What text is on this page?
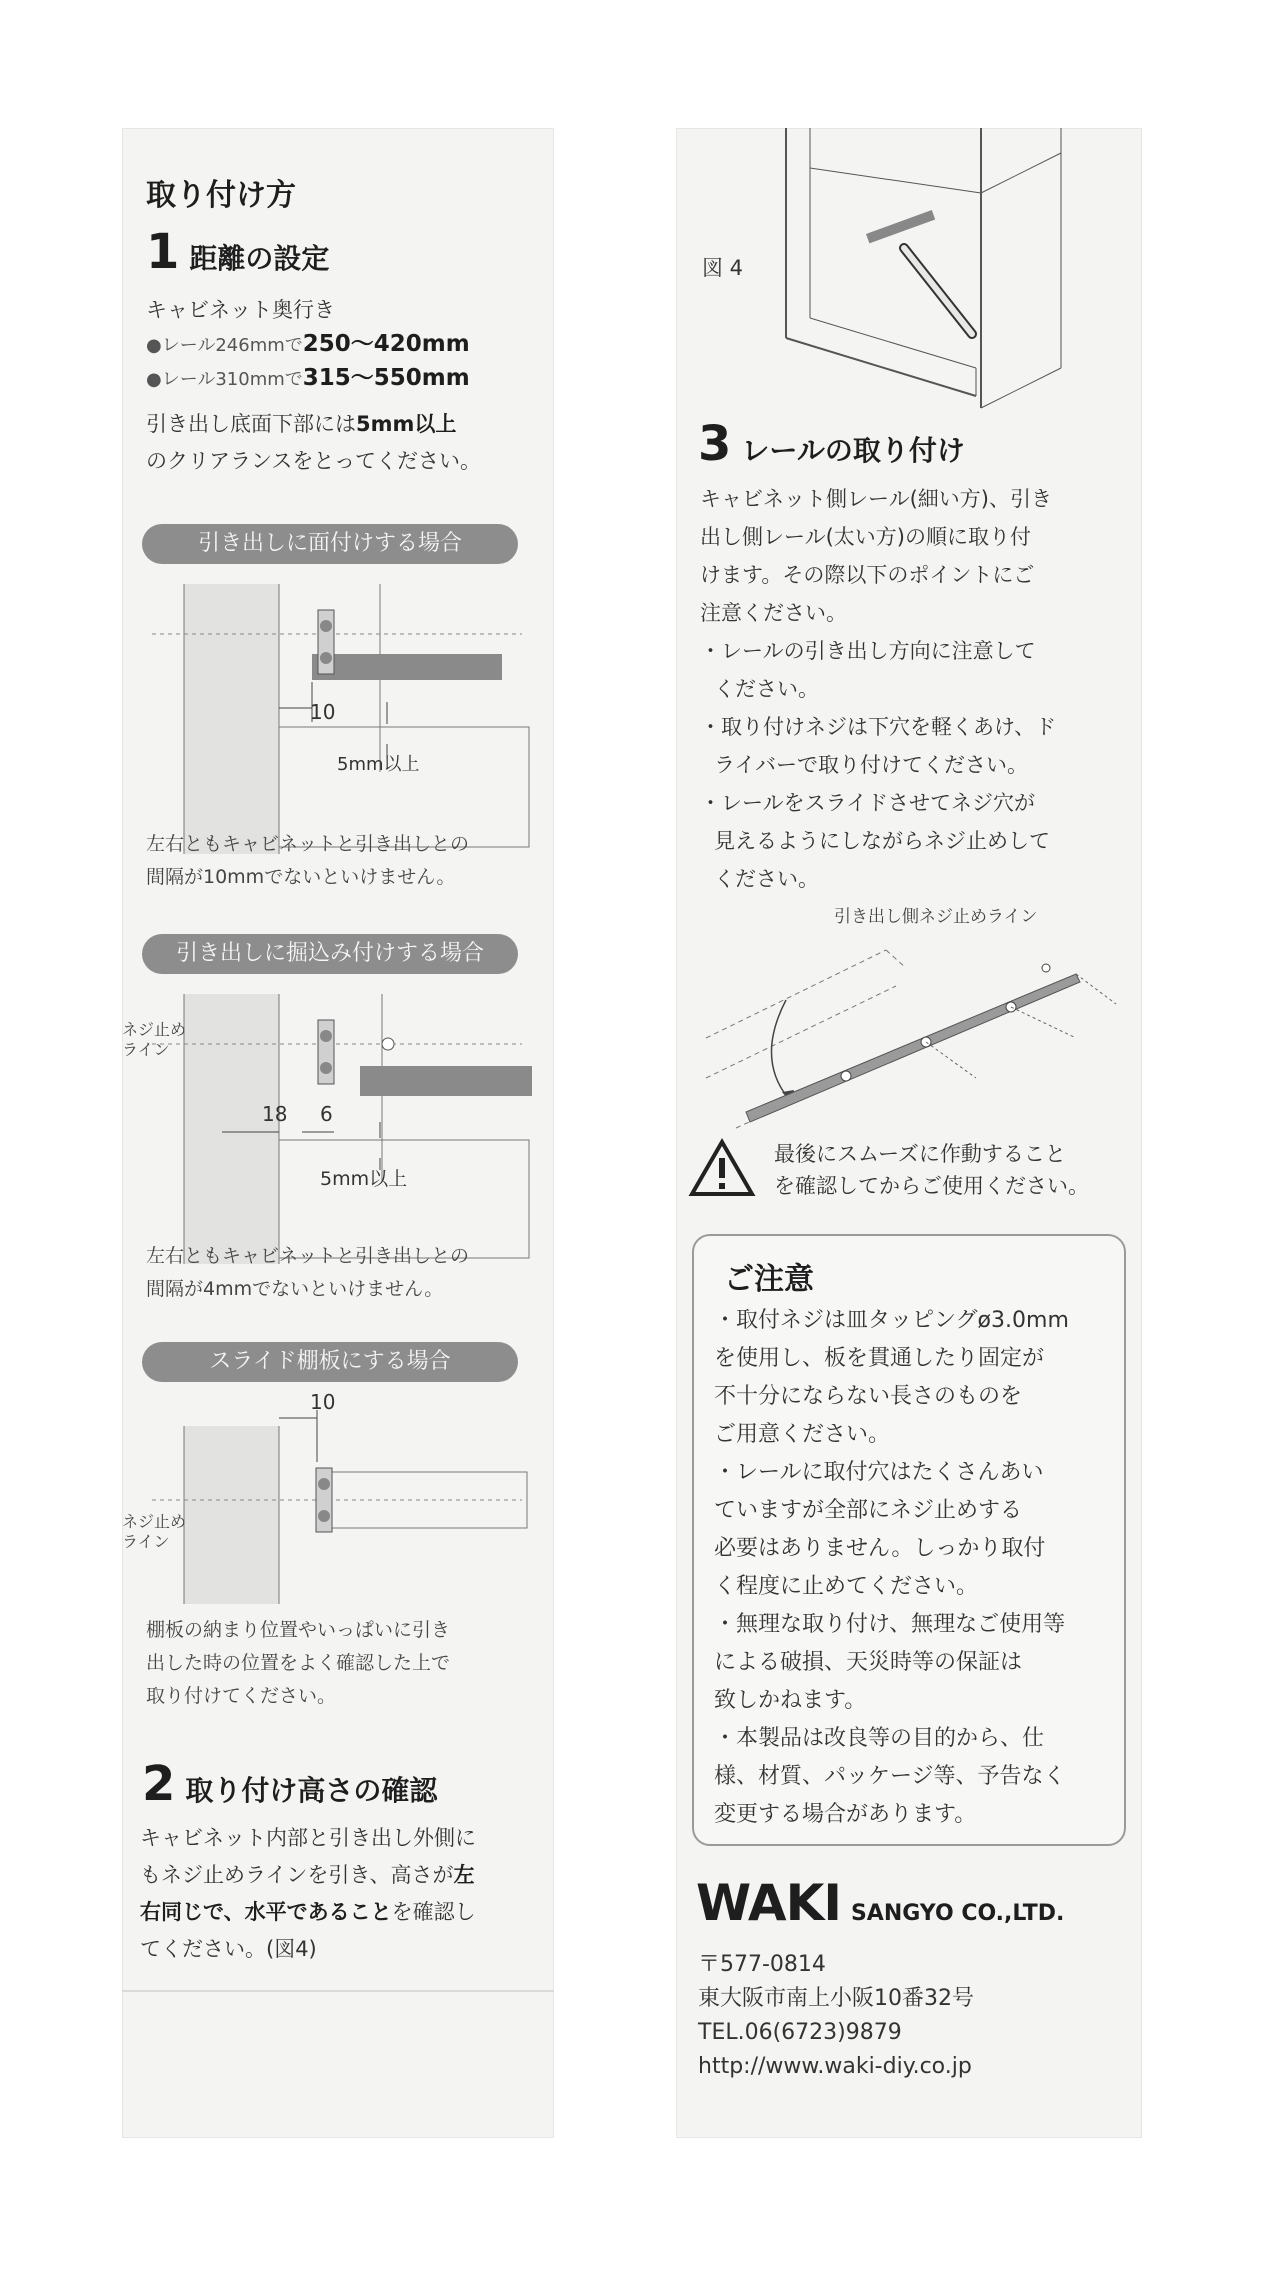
取り付け方
1 距離の設定
キャビネット奥行き
●レール246mmで250〜420mm
●レール310mmで315〜550mm
引き出し底面下部には5mm以上
のクリアランスをとってください。
引き出しに面付けする場合
10
5mm以上
左右ともキャビネットと引き出しとの
間隔が10mmでないといけません。
引き出しに掘込み付けする場合
ネジ止め
ライン
18 6
5mm以上
左右ともキャビネットと引き出しとの
間隔が4mmでないといけません。
スライド棚板にする場合
10
ネジ止め
ライン
棚板の納まり位置やいっぱいに引き
出した時の位置をよく確認した上で
取り付けてください。
2 取り付け高さの確認
キャビネット内部と引き出し外側に
もネジ止めラインを引き、高さが左
右同じで、水平であることを確認し
てください。(図4)
図 4
3 レールの取り付け
キャビネット側レール(細い方)、引き
出し側レール(太い方)の順に取り付
けます。その際以下のポイントにご
注意ください。
・レールの引き出し方向に注意して
ください。
・取り付けネジは下穴を軽くあけ、ド
ライバーで取り付けてください。
・レールをスライドさせてネジ穴が
見えるようにしながらネジ止めして
ください。
引き出し側ネジ止めライン
最後にスムーズに作動すること
を確認してからご使用ください。
ご注意
・取付ネジは皿タッピングø3.0mm
を使用し、板を貫通したり固定が
不十分にならない長さのものを
ご用意ください。
・レールに取付穴はたくさんあい
ていますが全部にネジ止めする
必要はありません。しっかり取付
く程度に止めてください。
・無理な取り付け、無理なご使用等
による破損、天災時等の保証は
致しかねます。
・本製品は改良等の目的から、仕
様、材質、パッケージ等、予告なく
変更する場合があります。
WAKI SANGYO CO.,LTD.
〒577-0814
東大阪市南上小阪10番32号
TEL.06(6723)9879
http://www.waki-diy.co.jp
